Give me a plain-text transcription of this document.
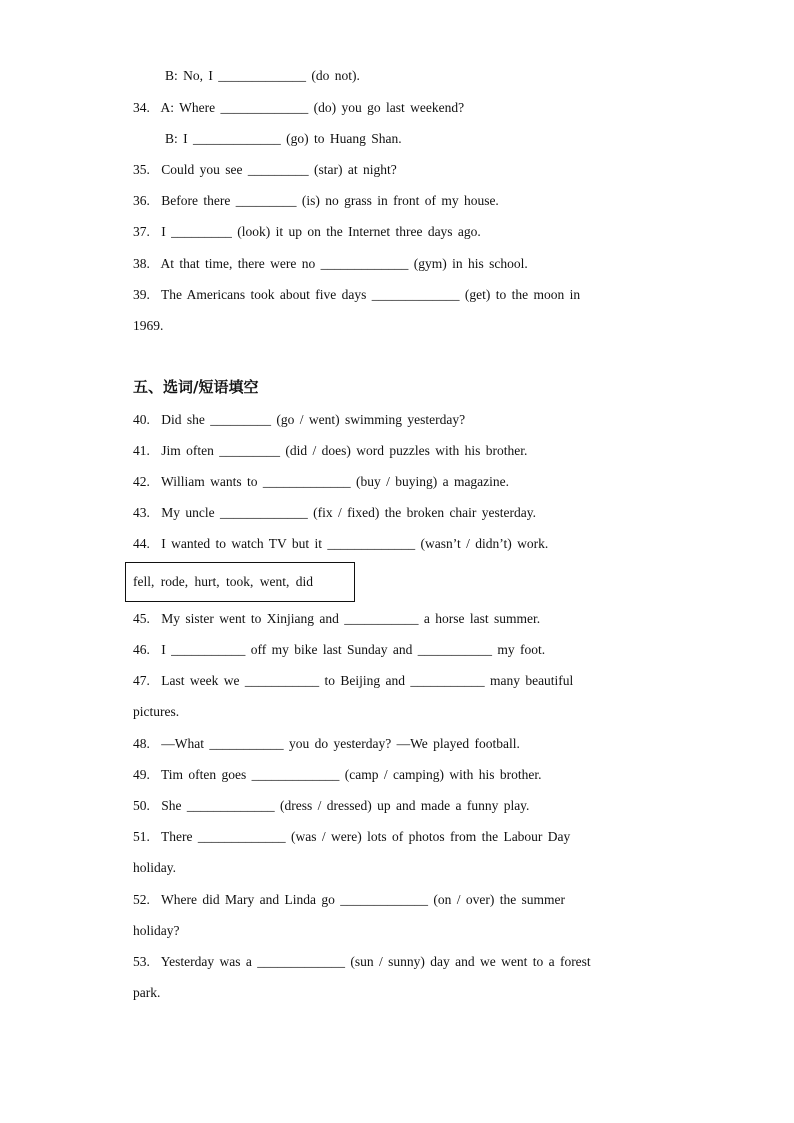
B: No, I _____________ (do not).
34. A: Where _____________ (do) you go last weekend?
B: I _____________ (go) to Huang Shan.
35. Could you see _________ (star) at night?
36. Before there _________ (is) no grass in front of my house.
37. I _________ (look) it up on the Internet three days ago.
38. At that time, there were no _____________ (gym) in his school.
39. The Americans took about five days _____________ (get) to the moon in
1969.
五、选词/短语填空
40. Did she _________ (go / went) swimming yesterday?
41. Jim often _________ (did / does) word puzzles with his brother.
42. William wants to _____________ (buy / buying) a magazine.
43. My uncle _____________ (fix / fixed) the broken chair yesterday.
44. I wanted to watch TV but it _____________ (wasn’t / didn’t) work.
fell, rode, hurt, took, went, did
45. My sister went to Xinjiang and ___________ a horse last summer.
46. I ___________ off my bike last Sunday and ___________ my foot.
47. Last week we ___________ to Beijing and ___________ many beautiful
pictures.
48. —What ___________ you do yesterday? —We played football.
49. Tim often goes _____________ (camp / camping) with his brother.
50. She _____________ (dress / dressed) up and made a funny play.
51. There _____________ (was / were) lots of photos from the Labour Day
holiday.
52. Where did Mary and Linda go _____________ (on / over) the summer
holiday?
53. Yesterday was a _____________ (sun / sunny) day and we went to a forest
park.
